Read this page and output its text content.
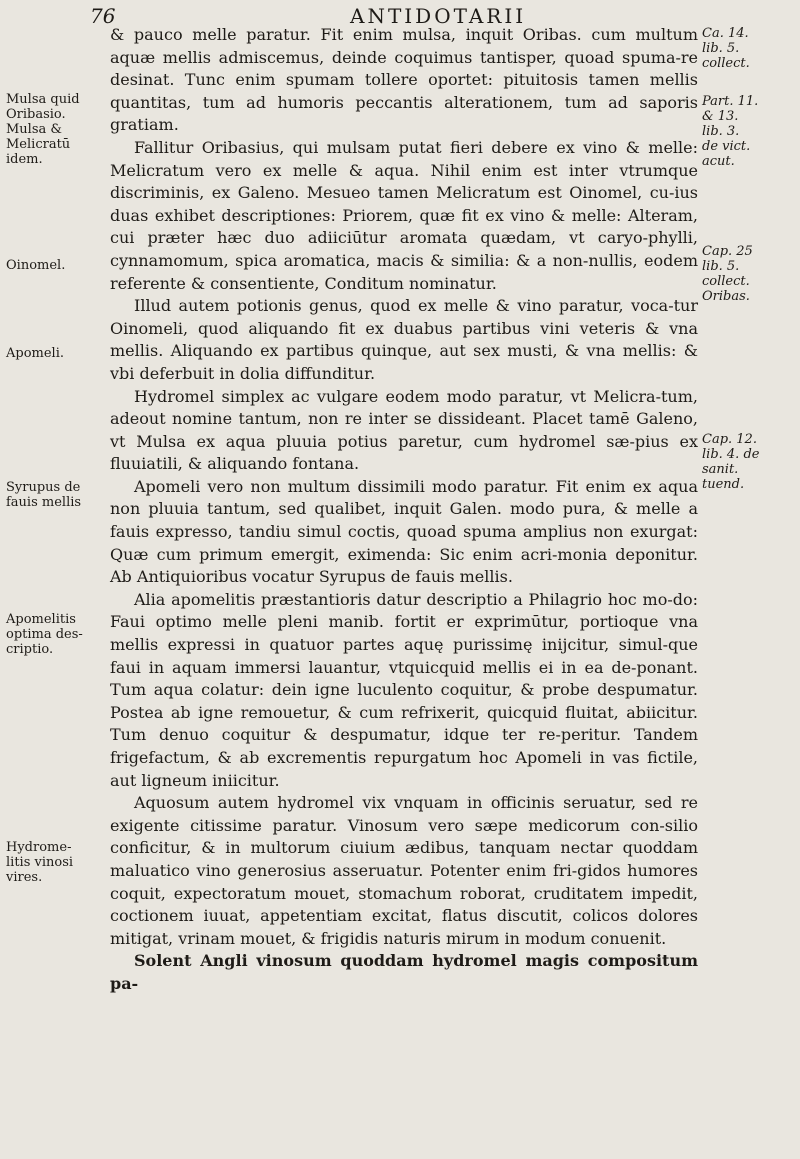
76	ANTIDOTARII

& pauco melle paratur. Fit enim mulsa, inquit Oribas. cum multum aquæ mellis admiscemus, deinde coquimus tantisper, quoad spuma-re desinat. Tunc enim spumam tollere oportet: pituitosis tamen mellis quantitas, tum ad humoris peccantis alterationem, tum ad saporis gratiam.

Fallitur Oribasius, qui mulsam putat fieri debere ex vino & melle: Melicratum vero ex melle & aqua. Nihil enim est inter vtrumque discriminis, ex Galeno. Mesueo tamen Melicratum est Oinomel, cu-ius duas exhibet descriptiones: Priorem, quæ fit ex vino & melle: Alteram, cui præter hæc duo adiiciūtur aromata quædam, vt caryo-phylli, cynnamomum, spica aromatica, macis & similia: & a non-nullis, eodem referente & consentiente, Conditum nominatur.

Illud autem potionis genus, quod ex melle & vino paratur, voca-tur Oinomeli, quod aliquando fit ex duabus partibus vini veteris & vna mellis. Aliquando ex partibus quinque, aut sex musti, & vna mellis: & vbi deferbuit in dolia diffunditur.

Hydromel simplex ac vulgare eodem modo paratur, vt Melicra-tum, adeout nomine tantum, non re inter se dissideant. Placet tamē Galeno, vt Mulsa ex aqua pluuia potius paretur, cum hydromel sæ-pius ex fluuiatili, & aliquando fontana.

Apomeli vero non multum dissimili modo paratur. Fit enim ex aqua non pluuia tantum, sed qualibet, inquit Galen. modo pura, & melle a fauis expresso, tandiu simul coctis, quoad spuma amplius non exurgat: Quæ cum primum emergit, eximenda: Sic enim acri-monia deponitur. Ab Antiquioribus vocatur Syrupus de fauis mellis.

Alia apomelitis præstantioris datur descriptio a Philagrio hoc mo-do: Faui optimo melle pleni manib. fortit er exprimūtur, portioque vna mellis expressi in quatuor partes aquę purissimę inijcitur, simul-que faui in aquam immersi lauantur, vtquicquid mellis ei in ea de-ponant. Tum aqua colatur: dein igne luculento coquitur, & probe despumatur. Postea ab igne remouetur, & cum refrixerit, quicquid fluitat, abiicitur. Tum denuo coquitur & despumatur, idque ter re-peritur. Tandem frigefactum, & ab excrementis repurgatum hoc Apomeli in vas fictile, aut ligneum iniicitur.

Aquosum autem hydromel vix vnquam in officinis seruatur, sed re exigente citissime paratur. Vinosum vero sæpe medicorum con-silio conficitur, & in multorum ciuium ædibus, tanquam nectar quoddam maluatico vino generosius asseruatur. Potenter enim fri-gidos humores coquit, expectoratum mouet, stomachum roborat, cruditatem impedit, coctionem iuuat, appetentiam excitat, flatus discutit, colicos dolores mitigat, vrinam mouet, & frigidis naturis mirum in modum conuenit.

Solent Angli vinosum quoddam hydromel magis compositum pa-

Mulsa quid
Oribasio.
Mulsa &
Melicratū
idem.
Oinomel.
Apomeli.
Syrupus de
fauis mellis
Apomelitis
optima des-
criptio.
Hydrome-
litis vinosi
vires.
Ca. 14.
lib. 5.
collect.
Part. 11.
& 13.
lib. 3.
de vict.
acut.
Cap. 25
lib. 5.
collect.
Oribas.
Cap. 12.
lib. 4. de
sanit.
tuend.
